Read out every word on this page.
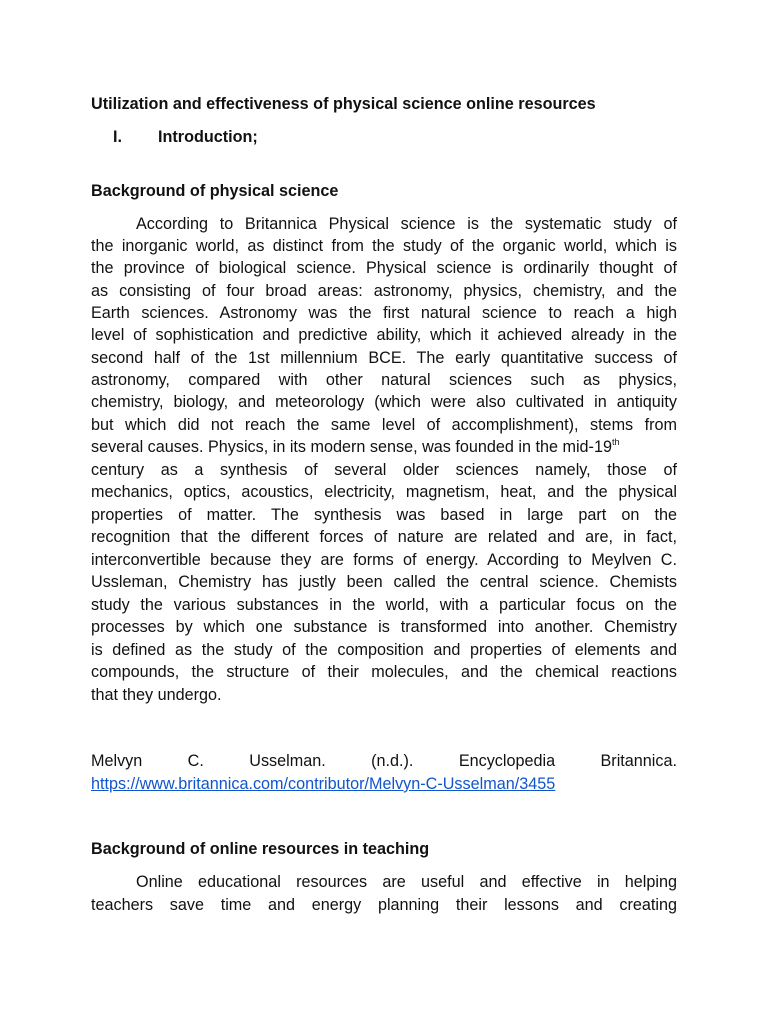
Utilization and effectiveness of physical science online resources
I. Introduction;
Background of physical science
According to Britannica Physical science is the systematic study of
the inorganic world, as distinct from the study of the organic world, which is
the province of biological science. Physical science is ordinarily thought of
as consisting of four broad areas: astronomy, physics, chemistry, and the
Earth sciences. Astronomy was the first natural science to reach a high
level of sophistication and predictive ability, which it achieved already in the
second half of the 1st millennium BCE. The early quantitative success of
astronomy, compared with other natural sciences such as physics,
chemistry, biology, and meteorology (which were also cultivated in antiquity
but which did not reach the same level of accomplishment), stems from
several causes. Physics, in its modern sense, was founded in the mid-19th
century as a synthesis of several older sciences namely, those of
mechanics, optics, acoustics, electricity, magnetism, heat, and the physical
properties of matter. The synthesis was based in large part on the
recognition that the different forces of nature are related and are, in fact,
interconvertible because they are forms of energy. According to Meylven C.
Ussleman, Chemistry has justly been called the central science. Chemists
study the various substances in the world, with a particular focus on the
processes by which one substance is transformed into another. Chemistry
is defined as the study of the composition and properties of elements and
compounds, the structure of their molecules, and the chemical reactions
that they undergo.
Melvyn C. Usselman. (n.d.). Encyclopedia Britannica.
https://www.britannica.com/contributor/Melvyn-C-Usselman/3455
Background of online resources in teaching
Online educational resources are useful and effective in helping
teachers save time and energy planning their lessons and creating
